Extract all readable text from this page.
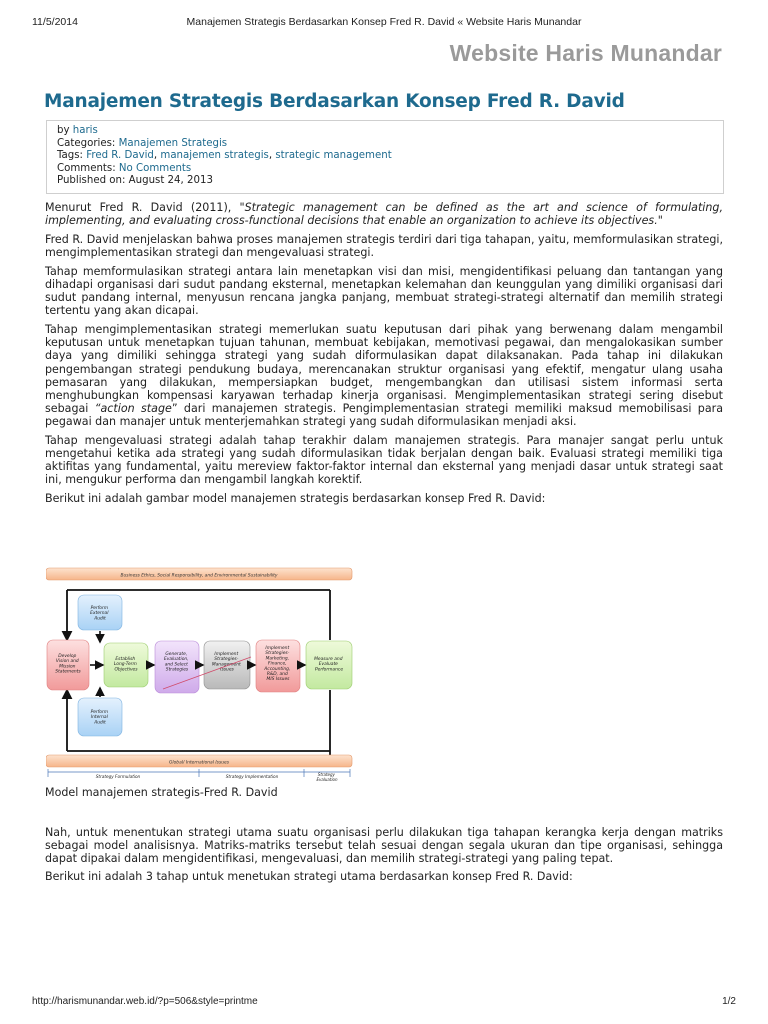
11/5/2014	Manajemen Strategis Berdasarkan Konsep Fred R. David « Website Haris Munandar
Website Haris Munandar
Manajemen Strategis Berdasarkan Konsep Fred R. David
by haris
Categories: Manajemen Strategis
Tags: Fred R. David, manajemen strategis, strategic management
Comments: No Comments
Published on: August 24, 2013

Menurut Fred R. David (2011), "Strategic management can be defined as the art and science of formulating, implementing, and evaluating cross-functional decisions that enable an organization to achieve its objectives."

Fred R. David menjelaskan bahwa proses manajemen strategis terdiri dari tiga tahapan, yaitu, memformulasikan strategi, mengimplementasikan strategi dan mengevaluasi strategi.

Tahap memformulasikan strategi antara lain menetapkan visi dan misi, mengidentifikasi peluang dan tantangan yang dihadapi organisasi dari sudut pandang eksternal, menetapkan kelemahan dan keunggulan yang dimiliki organisasi dari sudut pandang internal, menyusun rencana jangka panjang, membuat strategi-strategi alternatif dan memilih strategi tertentu yang akan dicapai.

Tahap mengimplementasikan strategi memerlukan suatu keputusan dari pihak yang berwenang dalam mengambil keputusan untuk menetapkan tujuan tahunan, membuat kebijakan, memotivasi pegawai, dan mengalokasikan sumber daya yang dimiliki sehingga strategi yang sudah diformulasikan dapat dilaksanakan. Pada tahap ini dilakukan pengembangan strategi pendukung budaya, merencanakan struktur organisasi yang efektif, mengatur ulang usaha pemasaran yang dilakukan, mempersiapkan budget, mengembangkan dan utilisasi sistem informasi serta menghubungkan kompensasi karyawan terhadap kinerja organisasi. Mengimplementasikan strategi sering disebut sebagai “action stage” dari manajemen strategis. Pengimplementasian strategi memiliki maksud memobilisasi para pegawai dan manajer untuk menterjemahkan strategi yang sudah diformulasikan menjadi aksi.

Tahap mengevaluasi strategi adalah tahap terakhir dalam manajemen strategis. Para manajer sangat perlu untuk mengetahui ketika ada strategi yang sudah diformulasikan tidak berjalan dengan baik. Evaluasi strategi memiliki tiga aktifitas yang fundamental, yaitu mereview faktor-faktor internal dan eksternal yang menjadi dasar untuk strategi saat ini, mengukur performa dan mengambil langkah korektif.

Berikut ini adalah gambar model manajemen strategis berdasarkan konsep Fred R. David:

Business Ethics, Social Responsibility, and Environmental Sustainability
Perform External Audit
Develop Vision and Mission Statements
Establish Long-Term Objectives
Generate, Evaluation, and Select Strategies
Implement Strategies- Management Issues
Implement Strategies- Marketing, Finance, Accounting, R&D, and MIS Issues
Measure and Evaluate Performance
Perform Internal Audit
Global/ International Issues
Strategy Formulation	Strategy Implementation	Strategy Evaluation
Model manajemen strategis-Fred R. David

Nah, untuk menentukan strategi utama suatu organisasi perlu dilakukan tiga tahapan kerangka kerja dengan matriks sebagai model analisisnya. Matriks-matriks tersebut telah sesuai dengan segala ukuran dan tipe organisasi, sehingga dapat dipakai dalam mengidentifikasi, mengevaluasi, dan memilih strategi-strategi yang paling tepat.

Berikut ini adalah 3 tahap untuk menetukan strategi utama berdasarkan konsep Fred R. David:

http://harismunandar.web.id/?p=506&style=printme	1/2
